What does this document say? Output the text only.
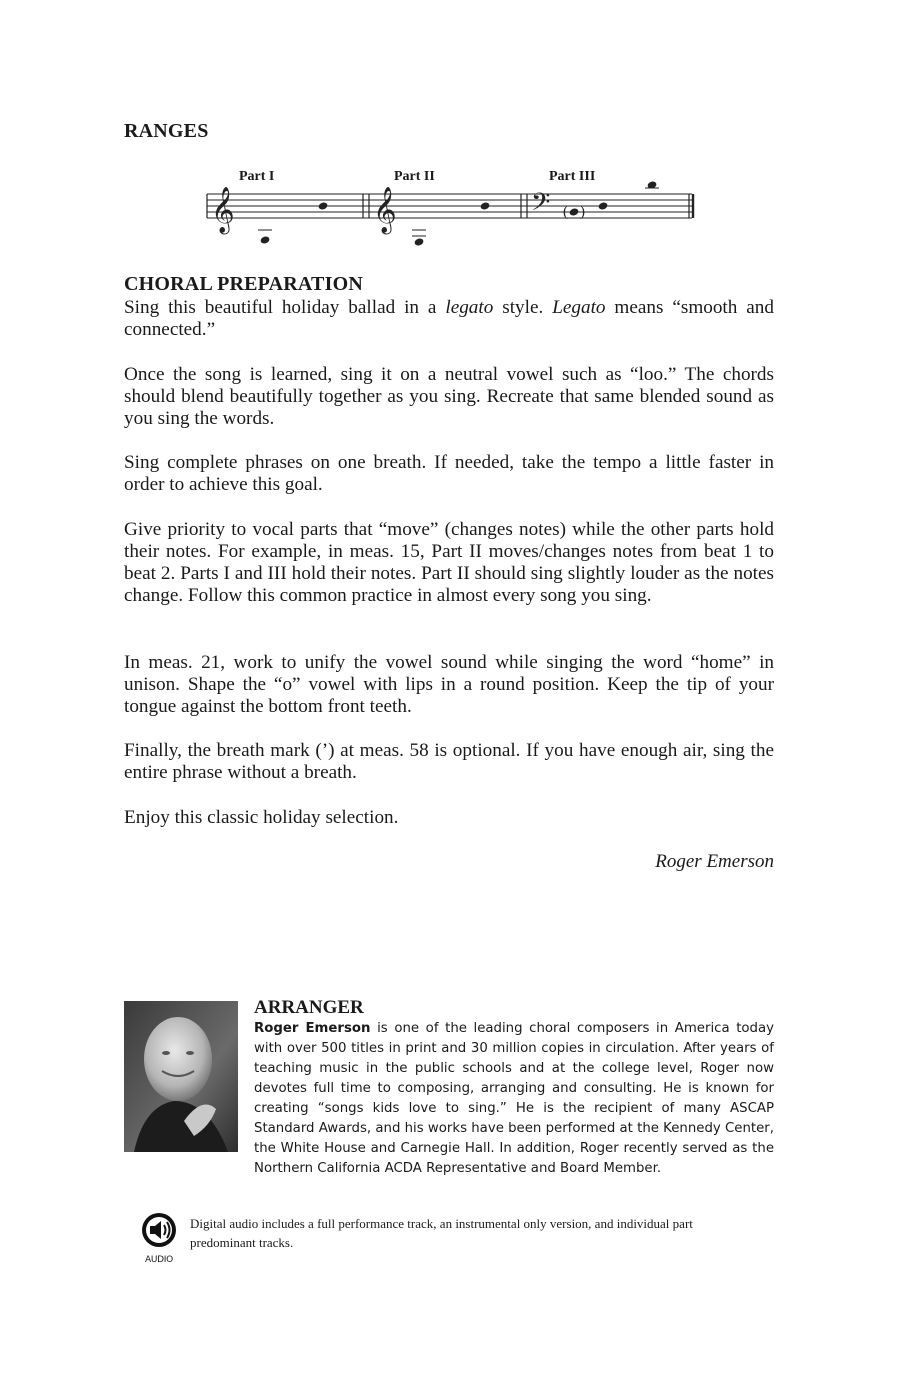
RANGES
Part I	Part II	Part III
𝄞	𝄞	𝄢 ( )
CHORAL PREPARATION

Sing this beautiful holiday ballad in a legato style. Legato means “smooth and connected.”

Once the song is learned, sing it on a neutral vowel such as “loo.” The chords should blend beautifully together as you sing. Recreate that same blended sound as you sing the words.

Sing complete phrases on one breath. If needed, take the tempo a little faster in order to achieve this goal.

Give priority to vocal parts that “move” (changes notes) while the other parts hold their notes. For example, in meas. 15, Part II moves/changes notes from beat 1 to beat 2. Parts I and III hold their notes. Part II should sing slightly louder as the notes change. Follow this common practice in almost every song you sing.

In meas. 21, work to unify the vowel sound while singing the word “home” in unison. Shape the “o” vowel with lips in a round position. Keep the tip of your tongue against the bottom front teeth.

Finally, the breath mark (’) at meas. 58 is optional. If you have enough air, sing the entire phrase without a breath.

Enjoy this classic holiday selection.

Roger Emerson
ARRANGER

Roger Emerson is one of the leading choral composers in America today with over 500 titles in print and 30 million copies in circulation. After years of teaching music in the public schools and at the college level, Roger now devotes full time to composing, arranging and consulting. He is known for creating “songs kids love to sing.” He is the recipient of many ASCAP Standard Awards, and his works have been performed at the Kennedy Center, the White House and Carnegie Hall. In addition, Roger recently served as the Northern California ACDA Representative and Board Member.

AUDIO

Digital audio includes a full performance track, an instrumental only version, and individual part predominant tracks.
